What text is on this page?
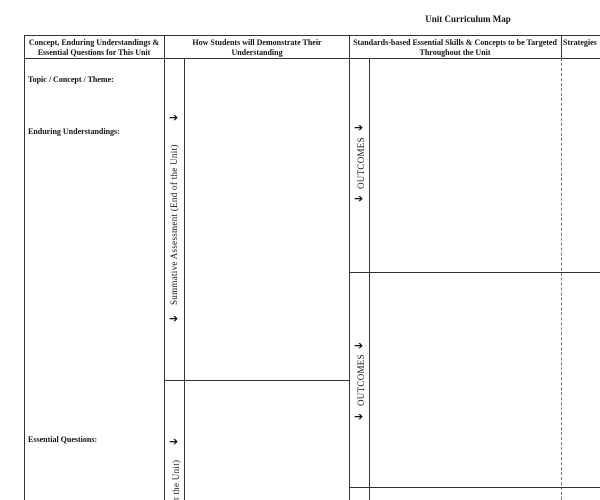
Unit Curriculum Map
Concept, Enduring Understandings & Essential Questions for This Unit
How Students will Demonstrate Their Understanding
Standards-based Essential Skills & Concepts to be Targeted Throughout the Unit
Strategies
Topic / Concept / Theme:
Enduring Understandings:
Essential Questions:
➔
➔
Summative Assessment (End of the Unit)
➔
t the Unit)
➔
➔
OUTCOMES
➔
➔
OUTCOMES
